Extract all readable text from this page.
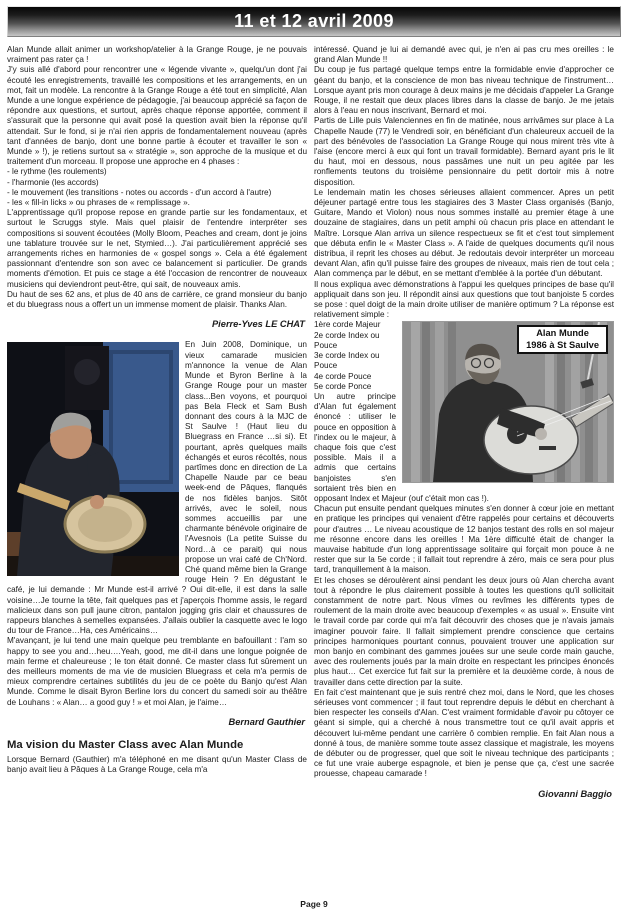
11 et 12 avril 2009

Alan Munde allait animer un workshop/atelier à la Grange Rouge, je ne pouvais vraiment pas rater ça !

J'y suis allé d'abord pour rencontrer une « légende vivante », quelqu'un dont j'ai écouté les enregistrements, travaillé les compositions et les arrangements, en un mot, fait un modèle. La rencontre à la Grange Rouge a été tout en simplicité, Alan Munde a une longue expérience de pédagogie, j'ai beaucoup apprécié sa façon de répondre aux questions, et surtout, après chaque réponse apportée, comment il s'assurait que la personne qui avait posé la question avait bien la réponse qu'il attendait. Sur le fond, si je n'ai rien appris de fondamentalement nouveau (après tant d'années de banjo, dont une bonne partie à écouter et travailler le son « Munde » !), je retiens surtout sa « stratégie », son approche de la musique et du traitement d'un morceau. Il propose une approche en 4 phases :

- le rythme (les roulements)
- l'harmonie (les accords)
- le mouvement (les transitions - notes ou accords - d'un accord à l'autre)
- les « fill-in licks » ou phrases de « remplissage ».

L'apprentissage qu'il propose repose en grande partie sur les fondamentaux, et surtout le Scruggs style. Mais quel plaisir de l'entendre interpréter ses compositions si souvent écoutées (Molly Bloom, Peaches and cream, dont je joins une tablature trouvée sur le net, Stymied…). J'ai particulièrement apprécié ses arrangements riches en harmonies de « gospel songs ». Cela a été également passionnant d'entendre son son avec ce balancement si particulier. De grands moments d'émotion. Et puis ce stage a été l'occasion de rencontrer de nouveaux musiciens qui deviendront peut-être, qui sait, de nouveaux amis.

Du haut de ses 62 ans, et plus de 40 ans de carrière, ce grand monsieur du banjo et du bluegrass nous a offert un un immense moment de plaisir. Thanks Alan.

Pierre-Yves LE CHAT

En Juin 2008, Dominique, un vieux camarade musicien m'annonce la venue de Alan Munde et Byron Berline à la Grange Rouge pour un master class...Ben voyons, et pourquoi pas Bela Fleck et Sam Bush donnant des cours à la MJC de St Saulve ! (Haut lieu du Bluegrass en France …si si). Et pourtant, après quelques mails échangés et euros récoltés, nous partîmes donc en direction de La Chapelle Naude par ce beau week-end de Pâques, flanqués de nos fidèles banjos. Sitôt arrivés, avec le soleil, nous sommes accueillis par une charmante bénévole originaire de l'Avesnois (La petite Suisse du Nord…à ce parait) qui nous propose un vrai café de Ch'Nord. Ché quand même bien la Grange rouge Hein ? En dégustant le café, je lui demande : Mr Munde est-il arrivé ? Oui dit-elle, il est dans la salle voisine…Je tourne la tête, fait quelques pas et j'aperçois l'homme assis, le regard malicieux dans son pull jaune citron, pantalon jogging gris clair et chaussures de rappeurs blanches à semelles expansées. J'allais oublier la casquette avec le logo du tour de France…Ha, ces Américains…

M'avançant, je lui tend une main quelque peu tremblante en bafouillant : I'am so happy to see you and…heu….Yeah, good, me dit-il dans une longue poignée de main ferme et chaleureuse ; le ton était donné. Ce master class fut sûrement un des meilleurs moments de ma vie de musicien Bluegrass et cela m'a permis de mieux comprendre certaines subtilités du jeu de ce poète du Banjo qu'est Alan Munde. Comme le disait Byron Berline lors du concert du samedi soir au théâtre de Louhans : « Alan… a good guy ! » et moi Alan, je l'aime…

Bernard Gauthier
Ma vision du Master Class avec Alan Munde

Lorsque Bernard (Gauthier) m'a téléphoné en me disant qu'un Master Class de banjo avait lieu à Pâques à La Grange Rouge, cela m'a

intéressé. Quand je lui ai demandé avec qui, je n'en ai pas cru mes oreilles : le grand Alan Munde !!

Du coup je fus partagé quelque temps entre la formidable envie d'approcher ce géant du banjo, et la conscience de mon bas niveau technique de l'instrument… Lorsque ayant pris mon courage à deux mains je me décidais d'appeler La Grange Rouge, il ne restait que deux places libres dans la classe de banjo. Je me jetais alors à l'eau en nous inscrivant, Bernard et moi.

Partis de Lille puis Valenciennes en fin de matinée, nous arrivâmes sur place à La Chapelle Naude (77) le Vendredi soir, en bénéficiant d'un chaleureux accueil de la part des bénévoles de l'association La Grange Rouge qui nous mirent très vite à l'aise (encore merci à eux qui font un travail formidable). Bernard ayant pris le lit du haut, moi en dessous, nous passâmes une nuit un peu agitée par les ronflements teutons du troisième pensionnaire du petit dortoir mis à notre disposition.

Le lendemain matin les choses sérieuses allaient commencer. Apres un petit déjeuner partagé entre tous les stagiaires des 3 Master Class organisés (Banjo, Guitare, Mando et Violon) nous nous sommes installé au premier étage à une douzaine de stagiaires, dans un petit amphi où chacun pris place en attendant le Maître. Lorsque Alan arriva un silence respectueux se fit et c'est tout simplement que débuta enfin le « Master Class ». A l'aide de quelques documents qu'il nous distribua, il reprit les choses au début. Je redoutais devoir interpréter un morceau devant Alan, afin qu'il puisse faire des groupes de niveaux, mais rien de tout cela ; Alan commença par le début, en se mettant d'emblée à la portée d'un débutant.

Il nous expliqua avec démonstrations à l'appui les quelques principes de base qu'il appliquait dans son jeu. Il répondit ainsi aux questions que tout banjoiste 5 cordes se pose : quel doigt de la main droite utiliser de manière optimum ? La réponse est relativement simple :

Alan Munde
1986 à St Saulve
1ère corde Majeur
2e corde Index ou Pouce
3e corde Index ou Pouce
4e corde Pouce
5e corde Ponce

Un autre principe d'Alan fut également énoncé : utiliser le pouce en opposition à l'index ou le majeur, à chaque fois que c'est possible. Mais il a admis que certains banjoistes s'en sortaient très bien en opposant Index et Majeur (ouf c'était mon cas !).

Chacun put ensuite pendant quelques minutes s'en donner à cœur joie en mettant en pratique les principes qui venaient d'être rappelés pour certains et découverts pour d'autres … Le niveau acoustique de 12 banjos testant des rolls en sol majeur me résonne encore dans les oreilles ! Ma 1ère difficulté était de changer la mauvaise habitude d'un long apprentissage solitaire qui forçait mon pouce à ne rester que sur la 5e corde ; il fallait tout reprendre à zéro, mais ce sera pour plus tard, tranquillement à la maison.

Et les choses se déroulèrent ainsi pendant les deux jours où Alan chercha avant tout à répondre le plus clairement possible à toutes les questions qu'il sollicitait constamment de notre part. Nous vîmes ou revîmes les différents types de roulement de la main droite avec beaucoup d'exemples « as usual ». Ensuite vint le travail corde par corde qui m'a fait découvrir des choses que je n'avais jamais imaginer pouvoir faire. Il fallait simplement prendre conscience que certains principes harmoniques pourtant connus, pouvaient trouver une application sur mon banjo en combinant des gammes jouées sur une seule corde main gauche, avec des roulements joués par la main droite en respectant les principes énoncés plus haut… Cet exercice fut fait sur la première et la deuxième corde, à nous de travailler dans cette direction par la suite.

En fait c'est maintenant que je suis rentré chez moi, dans le Nord, que les choses sérieuses vont commencer ; il faut tout reprendre depuis le début en cherchant à bien respecter les conseils d'Alan. C'est vraiment formidable d'avoir pu côtoyer ce géant si simple, qui a cherché à nous transmettre tout ce qu'il avait appris et découvert lui-même pendant une carrière ô combien remplie. En fait Alan nous a donné à tous, de manière somme toute assez classique et magistrale, les moyens de débuter ou de progresser, quel que soit le niveau technique des participants ; ce fut une vraie auberge espagnole, et bien je pense que ça, c'est une sacrée prouesse, chapeau camarade !

Giovanni Baggio
Page 9
